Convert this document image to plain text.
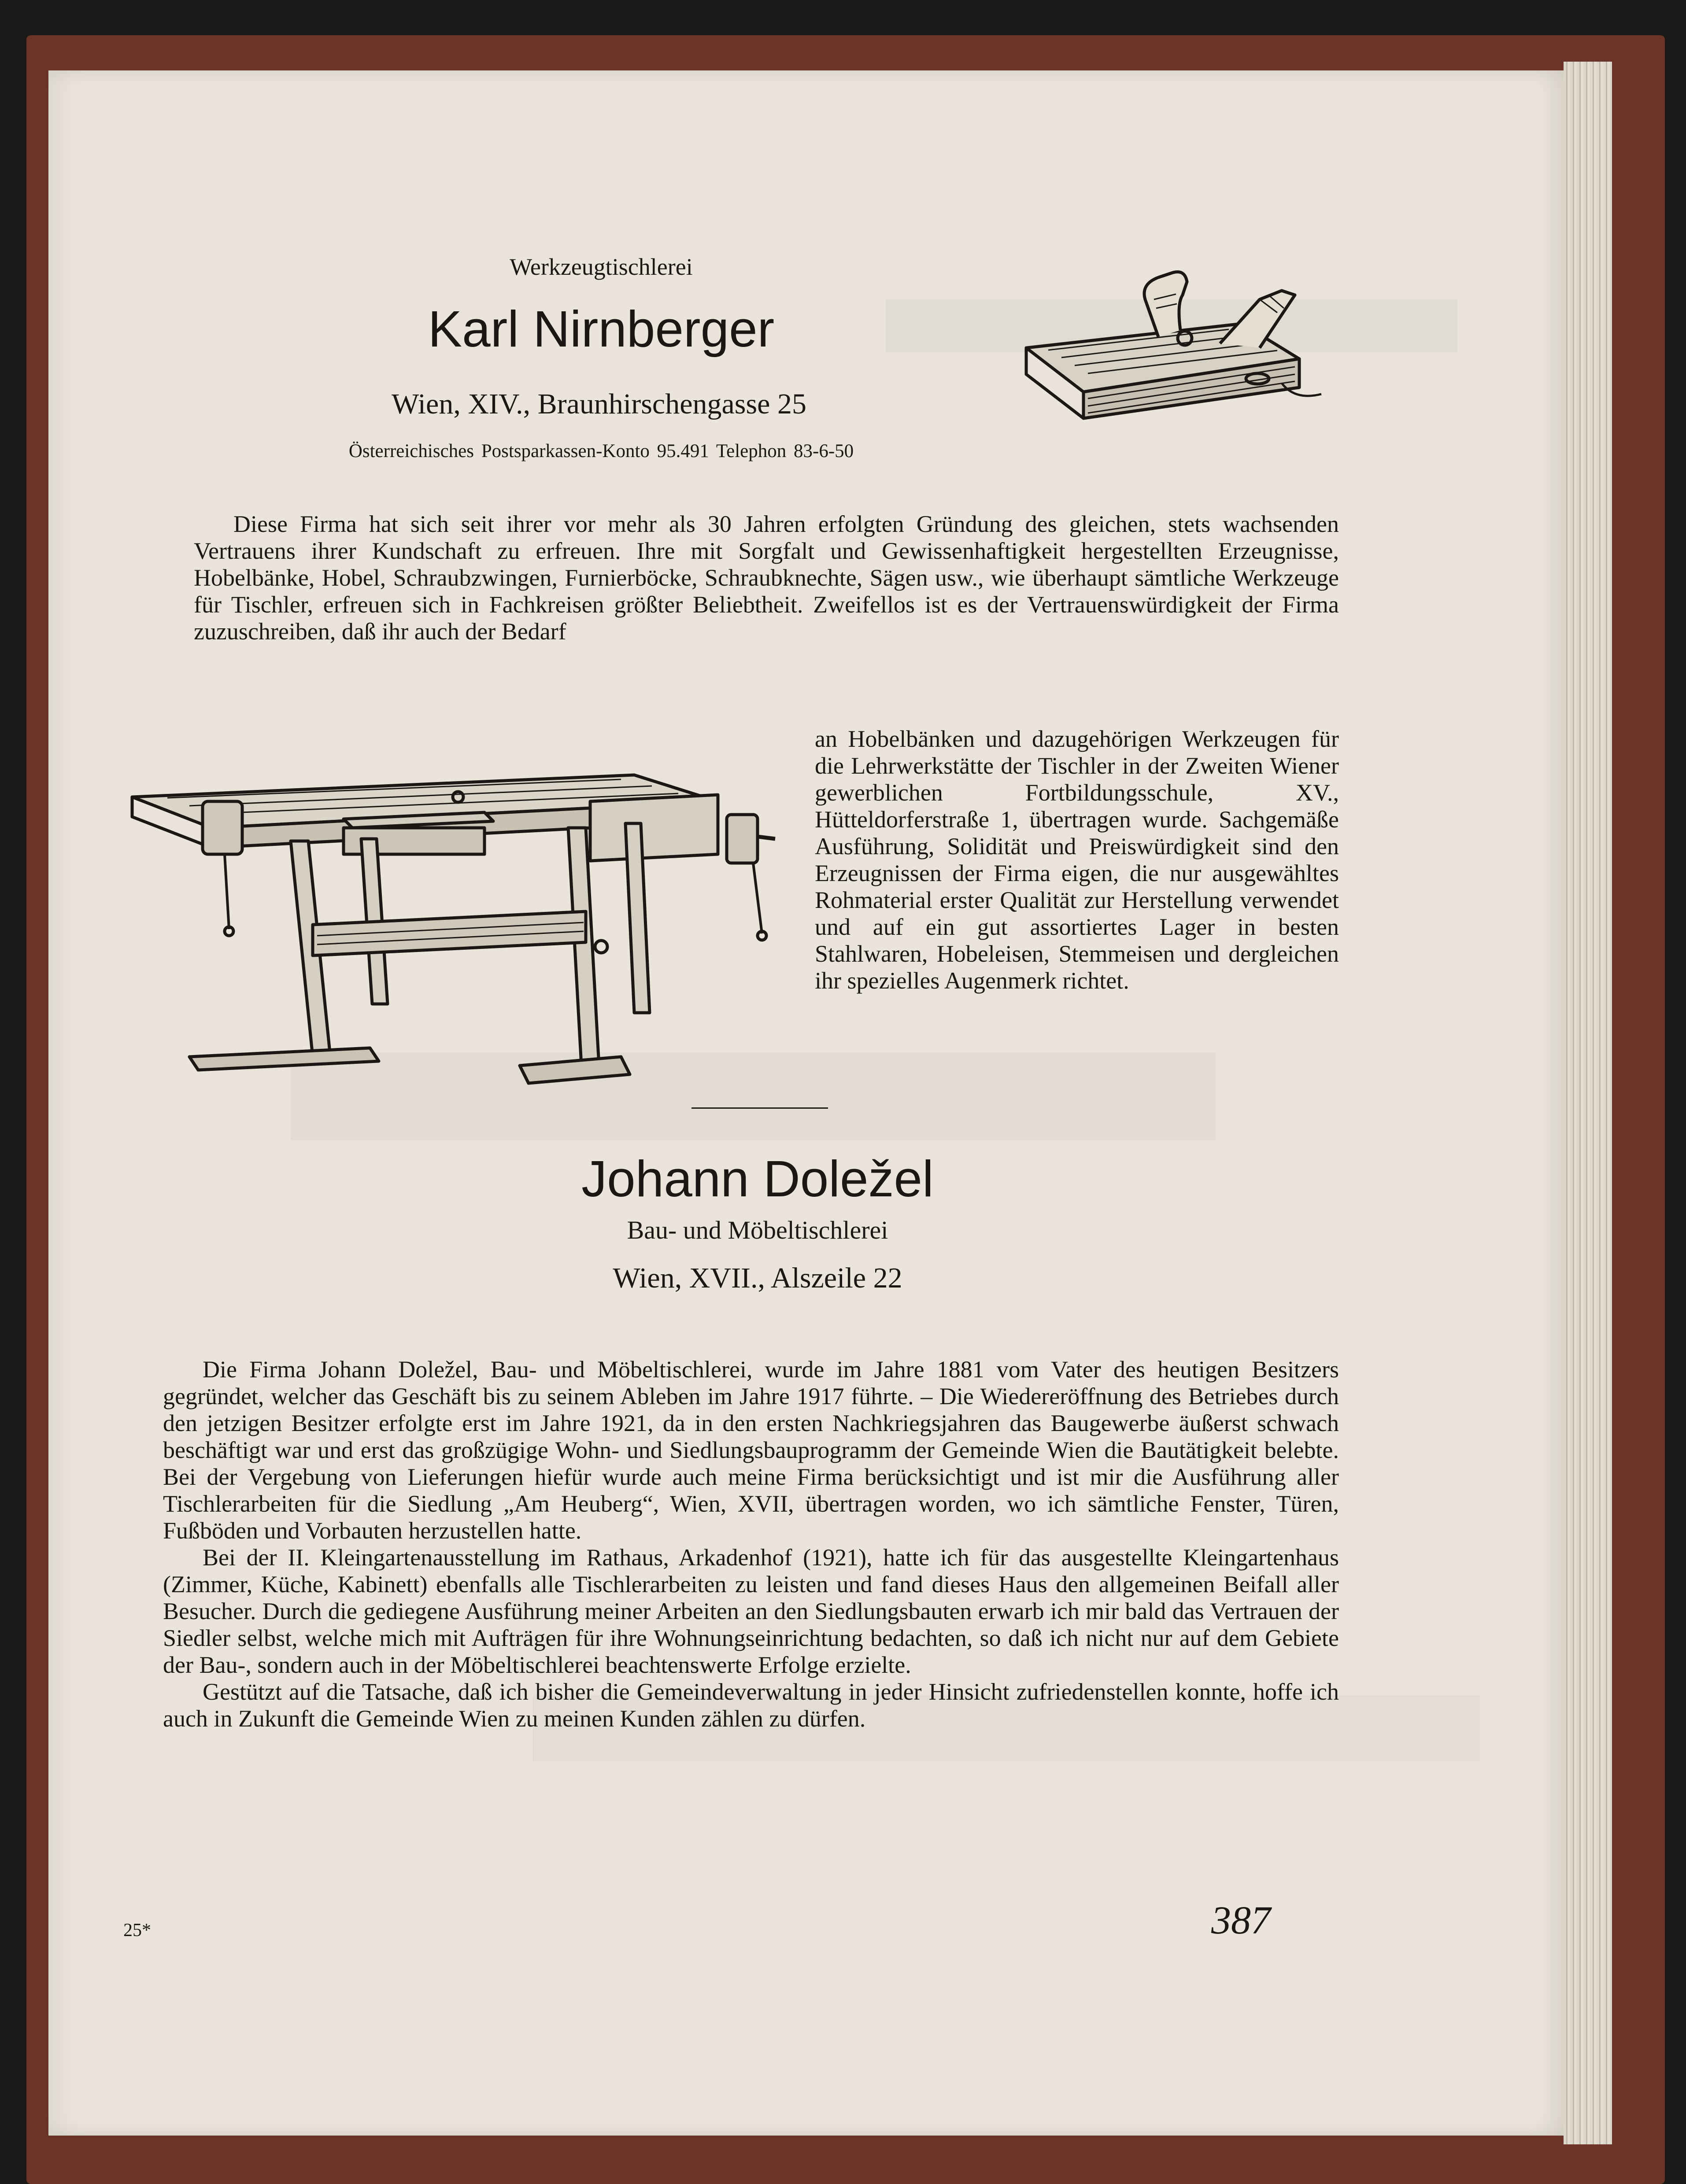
Werkzeugtischlerei
Karl Nirnberger
Wien, XIV., Braunhirschengasse 25
Österreichisches Postsparkassen-Konto 95.491 Telephon 83-6-50

Diese Firma hat sich seit ihrer vor mehr als 30 Jahren erfolgten Gründung des gleichen, stets wachsenden Vertrauens ihrer Kundschaft zu erfreuen. Ihre mit Sorgfalt und Gewissenhaftigkeit hergestellten Erzeugnisse, Hobelbänke, Hobel, Schraubzwingen, Furnierböcke, Schraubknechte, Sägen usw., wie überhaupt sämtliche Werkzeuge für Tischler, erfreuen sich in Fachkreisen größter Beliebtheit. Zweifellos ist es der Vertrauenswürdigkeit der Firma zuzuschreiben, daß ihr auch der Bedarf

an Hobelbänken und dazugehörigen Werkzeugen für die Lehrwerkstätte der Tischler in der Zweiten Wiener gewerblichen Fortbildungsschule, XV., Hütteldorferstraße 1, übertragen wurde. Sachgemäße Ausführung, Solidität und Preiswürdigkeit sind den Erzeugnissen der Firma eigen, die nur ausgewähltes Rohmaterial erster Qualität zur Herstellung verwendet und auf ein gut assortiertes Lager in besten Stahlwaren, Hobeleisen, Stemmeisen und dergleichen ihr spezielles Augenmerk richtet.

Johann Doležel
Bau- und Möbeltischlerei
Wien, XVII., Alszeile 22

Die Firma Johann Doležel, Bau- und Möbeltischlerei, wurde im Jahre 1881 vom Vater des heutigen Besitzers gegründet, welcher das Geschäft bis zu seinem Ableben im Jahre 1917 führte. – Die Wiedereröffnung des Betriebes durch den jetzigen Besitzer erfolgte erst im Jahre 1921, da in den ersten Nachkriegsjahren das Baugewerbe äußerst schwach beschäftigt war und erst das großzügige Wohn- und Siedlungsbauprogramm der Gemeinde Wien die Bautätigkeit belebte. Bei der Vergebung von Lieferungen hiefür wurde auch meine Firma berücksichtigt und ist mir die Ausführung aller Tischlerarbeiten für die Siedlung „Am Heuberg“, Wien, XVII, übertragen worden, wo ich sämtliche Fenster, Türen, Fußböden und Vorbauten herzustellen hatte.

Bei der II. Kleingartenausstellung im Rathaus, Arkadenhof (1921), hatte ich für das ausgestellte Kleingartenhaus (Zimmer, Küche, Kabinett) ebenfalls alle Tischlerarbeiten zu leisten und fand dieses Haus den allgemeinen Beifall aller Besucher. Durch die gediegene Ausführung meiner Arbeiten an den Siedlungsbauten erwarb ich mir bald das Vertrauen der Siedler selbst, welche mich mit Aufträgen für ihre Wohnungseinrichtung bedachten, so daß ich nicht nur auf dem Gebiete der Bau-, sondern auch in der Möbeltischlerei beachtenswerte Erfolge erzielte.

Gestützt auf die Tatsache, daß ich bisher die Gemeindeverwaltung in jeder Hinsicht zufriedenstellen konnte, hoffe ich auch in Zukunft die Gemeinde Wien zu meinen Kunden zählen zu dürfen.

25*	387
